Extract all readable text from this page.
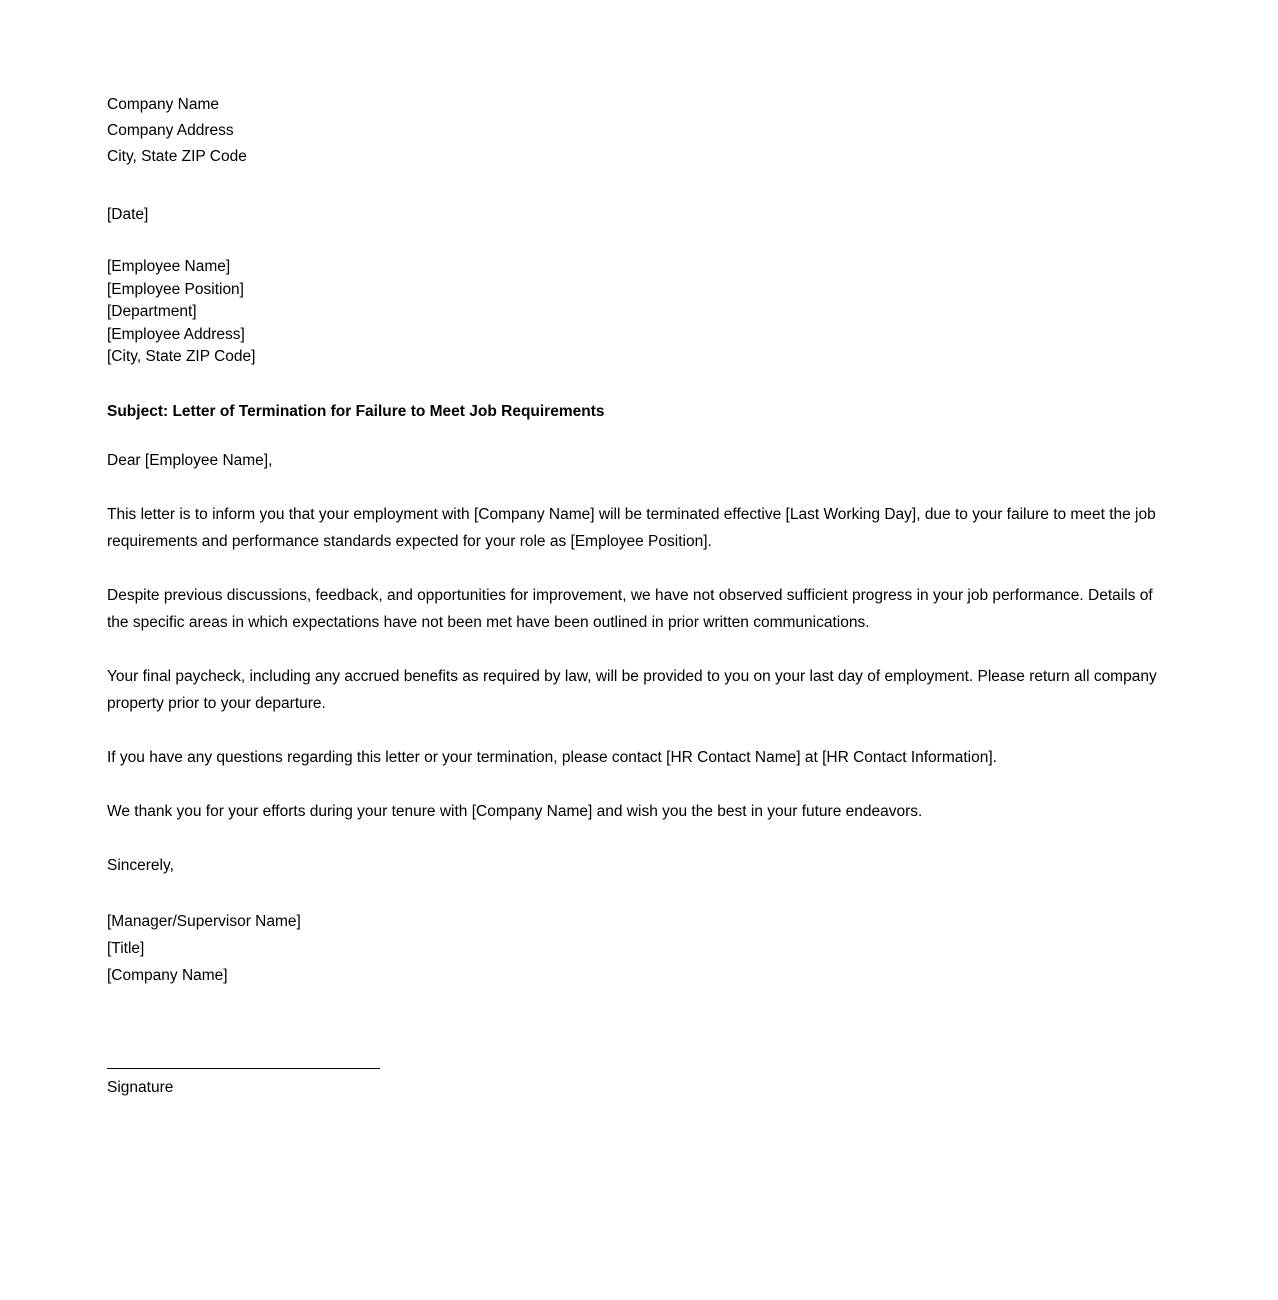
Company Name
Company Address
City, State ZIP Code
[Date]
[Employee Name]
[Employee Position]
[Department]
[Employee Address]
[City, State ZIP Code]
Subject: Letter of Termination for Failure to Meet Job Requirements
Dear [Employee Name],

This letter is to inform you that your employment with [Company Name] will be terminated effective [Last Working Day], due to your failure to meet the job requirements and performance standards expected for your role as [Employee Position].

Despite previous discussions, feedback, and opportunities for improvement, we have not observed sufficient progress in your job performance. Details of the specific areas in which expectations have not been met have been outlined in prior written communications.

Your final paycheck, including any accrued benefits as required by law, will be provided to you on your last day of employment. Please return all company property prior to your departure.

If you have any questions regarding this letter or your termination, please contact [HR Contact Name] at [HR Contact Information].

We thank you for your efforts during your tenure with [Company Name] and wish you the best in your future endeavors.

Sincerely,
[Manager/Supervisor Name]
[Title]
[Company Name]
Signature
